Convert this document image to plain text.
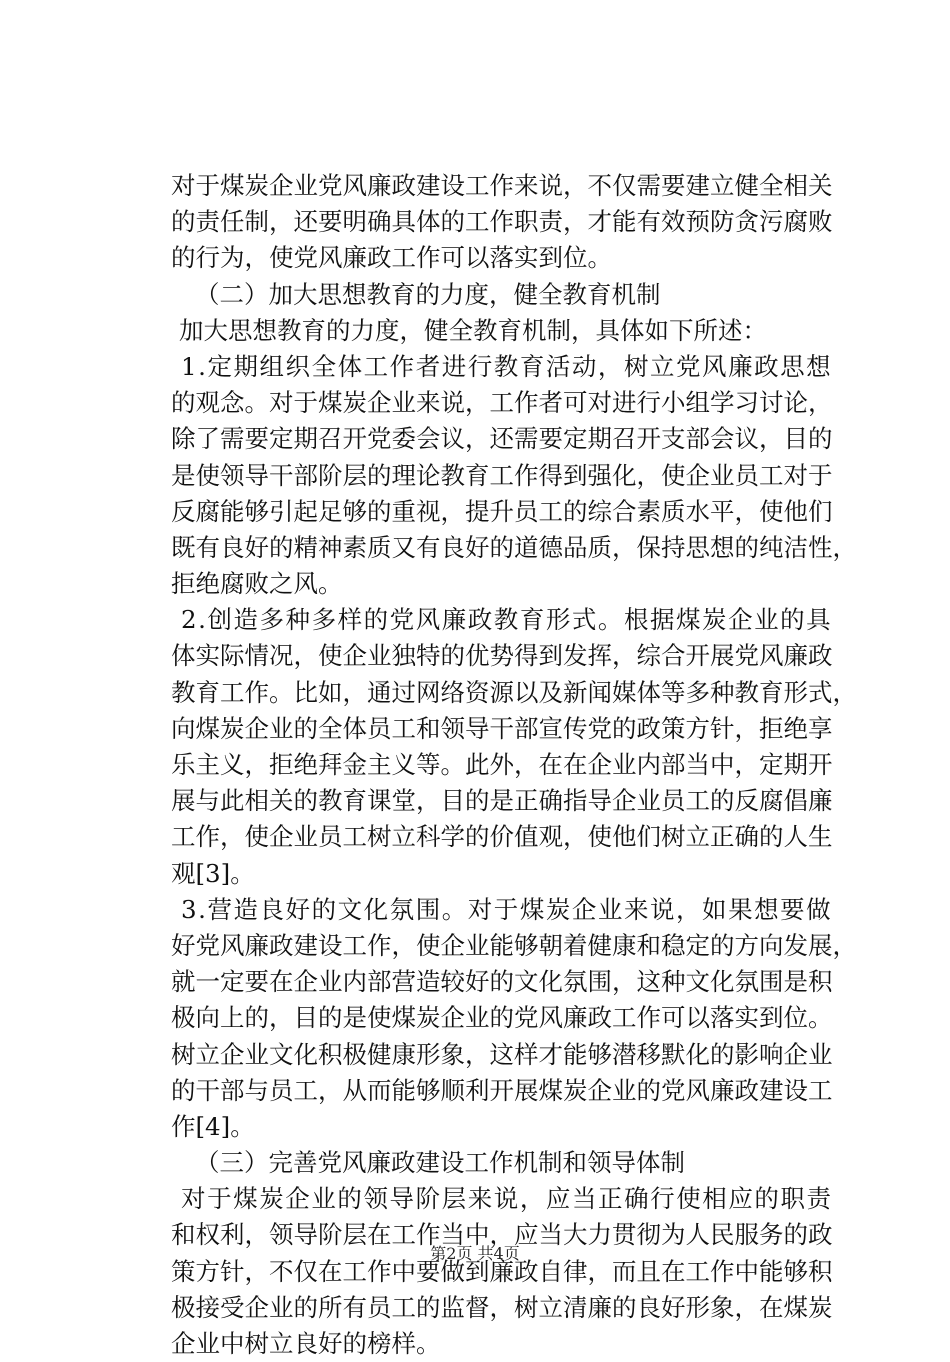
对 于 煤 炭 企 业 党 风 廉 政 建 设 工 作 来 说 ， 不 仅 需 要 建 立 健 全 相 关
的 责 任 制 ， 还 要 明 确 具 体 的 工 作 职 责 ， 才 能 有 效 预 防 贪 污 腐 败
的行为，使党风廉政工作可以落实到位。
（二）加大思想教育的力度，健全教育机制
加大思想教育的力度，健全教育机制，具体如下所述：
1 . 定 期 组 织 全 体 工 作 者 进 行 教 育 活 动 ， 树 立 党 风 廉 政 思 想
的 观 念 。 对 于 煤 炭 企 业 来 说 ， 工 作 者 可 对 进 行 小 组 学 习 讨 论 ，
除 了 需 要 定 期 召 开 党 委 会 议 ， 还 需 要 定 期 召 开 支 部 会 议 ， 目 的
是 使 领 导 干 部 阶 层 的 理 论 教 育 工 作 得 到 强 化 ， 使 企 业 员 工 对 于
反 腐 能 够 引 起 足 够 的 重 视 ， 提 升 员 工 的 综 合 素 质 水 平 ， 使 他 们
既 有 良 好 的 精 神 素 质 又 有 良 好 的 道 德 品 质 ， 保 持 思 想 的 纯 洁 性 ，
拒绝腐败之风。
2 . 创 造 多 种 多 样 的 党 风 廉 政 教 育 形 式 。 根 据 煤 炭 企 业 的 具
体 实 际 情 况 ， 使 企 业 独 特 的 优 势 得 到 发 挥 ， 综 合 开 展 党 风 廉 政
教 育 工 作 。 比 如 ， 通 过 网 络 资 源 以 及 新 闻 媒 体 等 多 种 教 育 形 式 ，
向 煤 炭 企 业 的 全 体 员 工 和 领 导 干 部 宣 传 党 的 政 策 方 针 ， 拒 绝 享
乐 主 义 ， 拒 绝 拜 金 主 义 等 。 此 外 ， 在 在 企 业 内 部 当 中 ， 定 期 开
展 与 此 相 关 的 教 育 课 堂 ， 目 的 是 正 确 指 导 企 业 员 工 的 反 腐 倡 廉
工 作 ， 使 企 业 员 工 树 立 科 学 的 价 值 观 ， 使 他 们 树 立 正 确 的 人 生
观[3]。
3 . 营 造 良 好 的 文 化 氛 围 。 对 于 煤 炭 企 业 来 说 ， 如 果 想 要 做
好 党 风 廉 政 建 设 工 作 ， 使 企 业 能 够 朝 着 健 康 和 稳 定 的 方 向 发 展 ，
就 一 定 要 在 企 业 内 部 营 造 较 好 的 文 化 氛 围 ， 这 种 文 化 氛 围 是 积
极 向 上 的 ， 目 的 是 使 煤 炭 企 业 的 党 风 廉 政 工 作 可 以 落 实 到 位 。
树 立 企 业 文 化 积 极 健 康 形 象 ， 这 样 才 能 够 潜 移 默 化 的 影 响 企 业
的 干 部 与 员 工 ， 从 而 能 够 顺 利 开 展 煤 炭 企 业 的 党 风 廉 政 建 设 工
作[4]。
（三）完善党风廉政建设工作机制和领导体制
对 于 煤 炭 企 业 的 领 导 阶 层 来 说 ， 应 当 正 确 行 使 相 应 的 职 责
和 权 利 ， 领 导 阶 层 在 工 作 当 中 ， 应 当 大 力 贯 彻 为 人 民 服 务 的 政
策 方 针 ， 不 仅 在 工 作 中 要 做 到 廉 政 自 律 ， 而 且 在 工 作 中 能 够 积
极 接 受 企 业 的 所 有 员 工 的 监 督 ， 树 立 清 廉 的 良 好 形 象 ， 在 煤 炭
企业中树立良好的榜样。
第2页 共4页
